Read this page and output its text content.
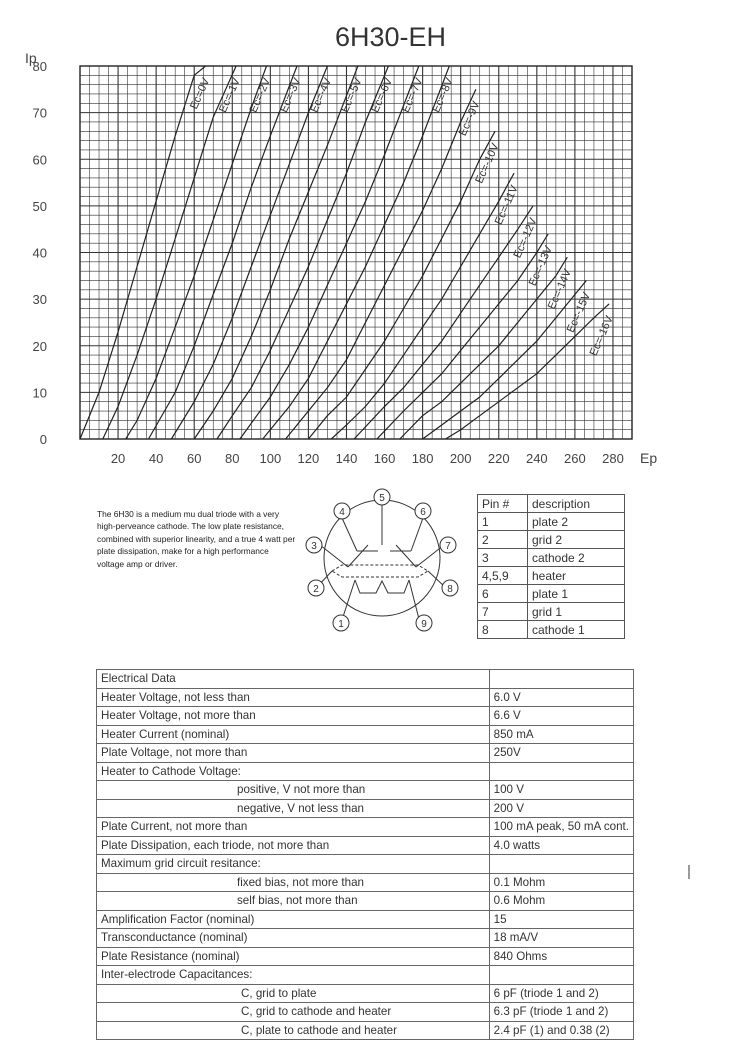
6H30-EH
20 40 60 80 100 120 140 160 180 200 220 240 260 280
0
10
20
30
40
50
60
70
80
Ec=0V Ec=-1V Ec=-2V Ec=-3V Ec=-4V Ec=-5V Ec=-6V Ec=-7V Ec=-8V
Ec=-9V
Ec=-10V
Ec=-11V
Ec=-12V
Ec=-13V
Ec=-14V
Ec=-15V
Ec=-16V
Ip
Ep
The 6H30 is a medium mu dual triode with a very high-perveance cathode. The low plate resistance, combined with superior linearity, and a true 4 watt per plate dissipation, make for a high performance voltage amp or driver.
1
2
3
4
5
6
7
8
9
Pin #	description
1	plate 2
2	grid 2
3	cathode 2
4,5,9	heater
6	plate 1
7	grid 1
8	cathode 1
Electrical Data	
Heater Voltage, not less than	6.0 V
Heater Voltage, not more than	6.6 V
Heater Current (nominal)	850 mA
Plate Voltage, not more than	250V
Heater to Cathode Voltage:	
positive, V not more than	100 V
negative, V not less than	200 V
Plate Current, not more than	100 mA peak, 50 mA cont.
Plate Dissipation, each triode, not more than	4.0 watts
Maximum grid circuit resitance:	
fixed bias, not more than	0.1 Mohm
self bias, not more than	0.6 Mohm
Amplification Factor (nominal)	15
Transconductance (nominal)	18 mA/V
Plate Resistance (nominal)	840 Ohms
Inter-electrode Capacitances:	
C, grid to plate	6 pF (triode 1 and 2)
C, grid to cathode and heater	6.3 pF (triode 1 and 2)
C, plate to cathode and heater	2.4 pF (1) and 0.38 (2)
